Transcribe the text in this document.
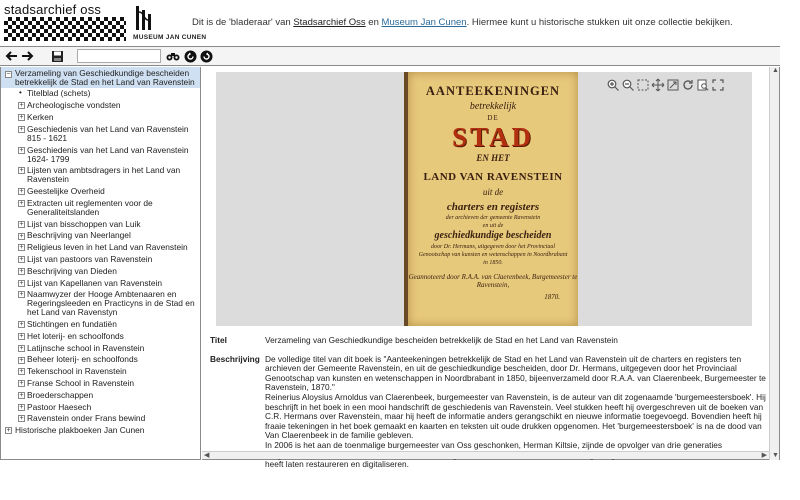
stadsarchief oss
MUSEUM JAN CUNEN
Dit is de 'bladeraar' van Stadsarchief Oss en Museum Jan Cunen. Hiermee kunt u historische stukken uit onze collectie bekijken.
− Verzameling van Geschiedkundige bescheiden betrekkelijk de Stad en het Land van Ravenstein
• Titelblad (schets)
+ Archeologische vondsten
+ Kerken
+ Geschiedenis van het Land van Ravenstein 815 - 1621
+ Geschiedenis van het Land van Ravenstein 1624- 1799
+ Lijsten van ambtsdragers in het Land van Ravenstein
+ Geestelijke Overheid
+ Extracten uit reglementen voor de Generaliteitslanden
+ Lijst van bisschoppen van Luik
+ Beschrijving van Neerlangel
+ Religieus leven in het Land van Ravenstein
+ Lijst van pastoors van Ravenstein
+ Beschrijving van Dieden
+ Lijst van Kapellanen van Ravenstein
+ Naamwyzer der Hooge Ambtenaaren en Regeringsleeden en Practicyns in de Stad en het Land van Ravenstyn
+ Stichtingen en fundatiën
+ Het loterij- en schoolfonds
+ Latijnsche school in Ravenstein
+ Beheer loterij- en schoolfonds
+ Tekenschool in Ravenstein
+ Franse School in Ravenstein
+ Broederschappen
+ Pastoor Haesech
+ Ravenstein onder Frans bewind
+ Historische plakboeken Jan Cunen
AANTEEKENINGEN
betrekkelijk
DE
STAD
EN HET
LAND VAN RAVENSTEIN
uit de
charters en registers
der archieven der gemeente Ravenstein
en uit de
geschiedkundige bescheiden
door Dr. Hermans, uitgegeven door het Provinciaal Genootschap van kunsten en wetenschappen in Noordbrabant in 1850.
Geannoteerd door R.A.A. van Claerenbeek, Burgemeester te Ravenstein,
1870.
Titel	Verzameling van Geschiedkundige bescheiden betrekkelijk de Stad en het Land van Ravenstein
Beschrijving De volledige titel van dit boek is "Aanteekeningen betrekkelijk de Stad en het Land van Ravenstein uit de charters en registers ten archieven der Gemeente Ravenstein, en uit de geschiedkundige bescheiden, door Dr. Hermans, uitgegeven door het Provinciaal Genootschap van kunsten en wetenschappen in Noordbrabant in 1850, bijeenverzameld door R.A.A. van Claerenbeek, Burgemeester te Ravenstein, 1870."

Reinerius Aloysius Arnoldus van Claerenbeek, burgemeester van Ravenstein, is de auteur van dit zogenaamde 'burgemeestersboek'. Hij beschrijft in het boek in een mooi handschrift de geschiedenis van Ravenstein. Veel stukken heeft hij overgeschreven uit de boeken van C.R. Hermans over Ravenstein, maar hij heeft de informatie anders gerangschikt en nieuwe informatie toegevoegd. Bovendien heeft hij fraaie tekeningen in het boek gemaakt en kaarten en teksten uit oude drukken opgenomen. Het 'burgemeestersboek' is na de dood van Van Claerenbeek in de familie gebleven.

In 2006 is het aan de toenmalige burgemeester van Oss geschonken, Herman Kiltsie, zijnde de opvolger van drie generaties heeft laten restaureren en digitaliseren.

▲
▼
◀	▶
